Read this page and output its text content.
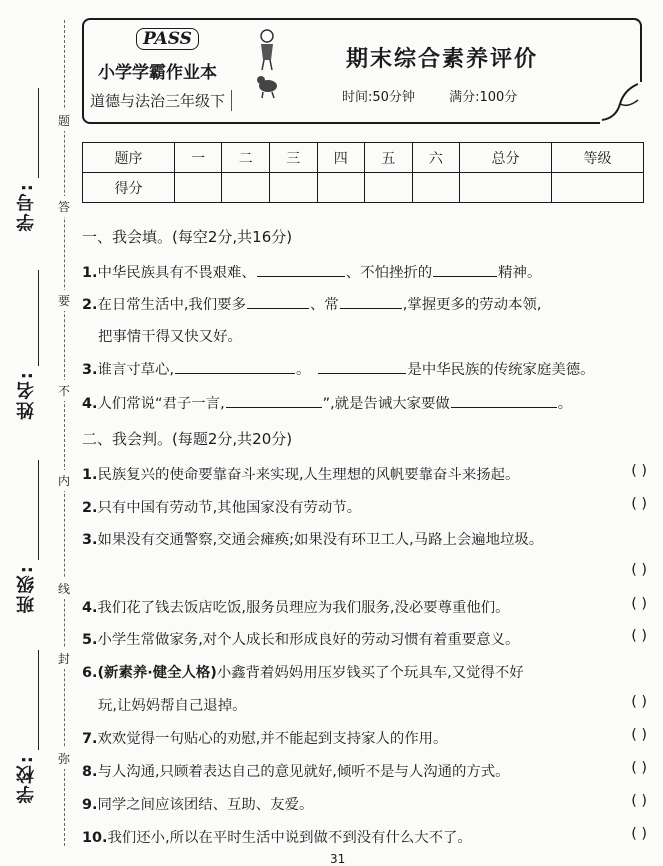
学号:
姓名:
班级:
学校:
题
答
要
不
内
线
封
弥
PASS
小学学霸作业本
道德与法治三年级下
期末综合素养评价
时间:50分钟	满分:100分
题序	一	二	三	四	五	六	总分	等级
得分								
一、我会填。(每空2分,共16分)
1.中华民族具有不畏艰难、	、不怕挫折的	精神。
2.在日常生活中,我们要多	、常	,掌握更多的劳动本领,
把事情干得又快又好。
3.谁言寸草心,	。	是中华民族的传统家庭美德。
4.人们常说“君子一言,	”,就是告诫大家要做	。
二、我会判。(每题2分,共20分)
1.民族复兴的使命要靠奋斗来实现,人生理想的风帆要靠奋斗来扬起。	( )
2.只有中国有劳动节,其他国家没有劳动节。	( )
3.如果没有交通警察,交通会瘫痪;如果没有环卫工人,马路上会遍地垃圾。
( )
4.我们花了钱去饭店吃饭,服务员理应为我们服务,没必要尊重他们。	( )
5.小学生常做家务,对个人成长和形成良好的劳动习惯有着重要意义。	( )
6.(新素养·健全人格)小鑫背着妈妈用压岁钱买了个玩具车,又觉得不好
玩,让妈妈帮自己退掉。	( )
7.欢欢觉得一句贴心的劝慰,并不能起到支持家人的作用。	( )
8.与人沟通,只顾着表达自己的意见就好,倾听不是与人沟通的方式。	( )
9.同学之间应该团结、互助、友爱。	( )
10.我们还小,所以在平时生活中说到做不到没有什么大不了。	( )
31
